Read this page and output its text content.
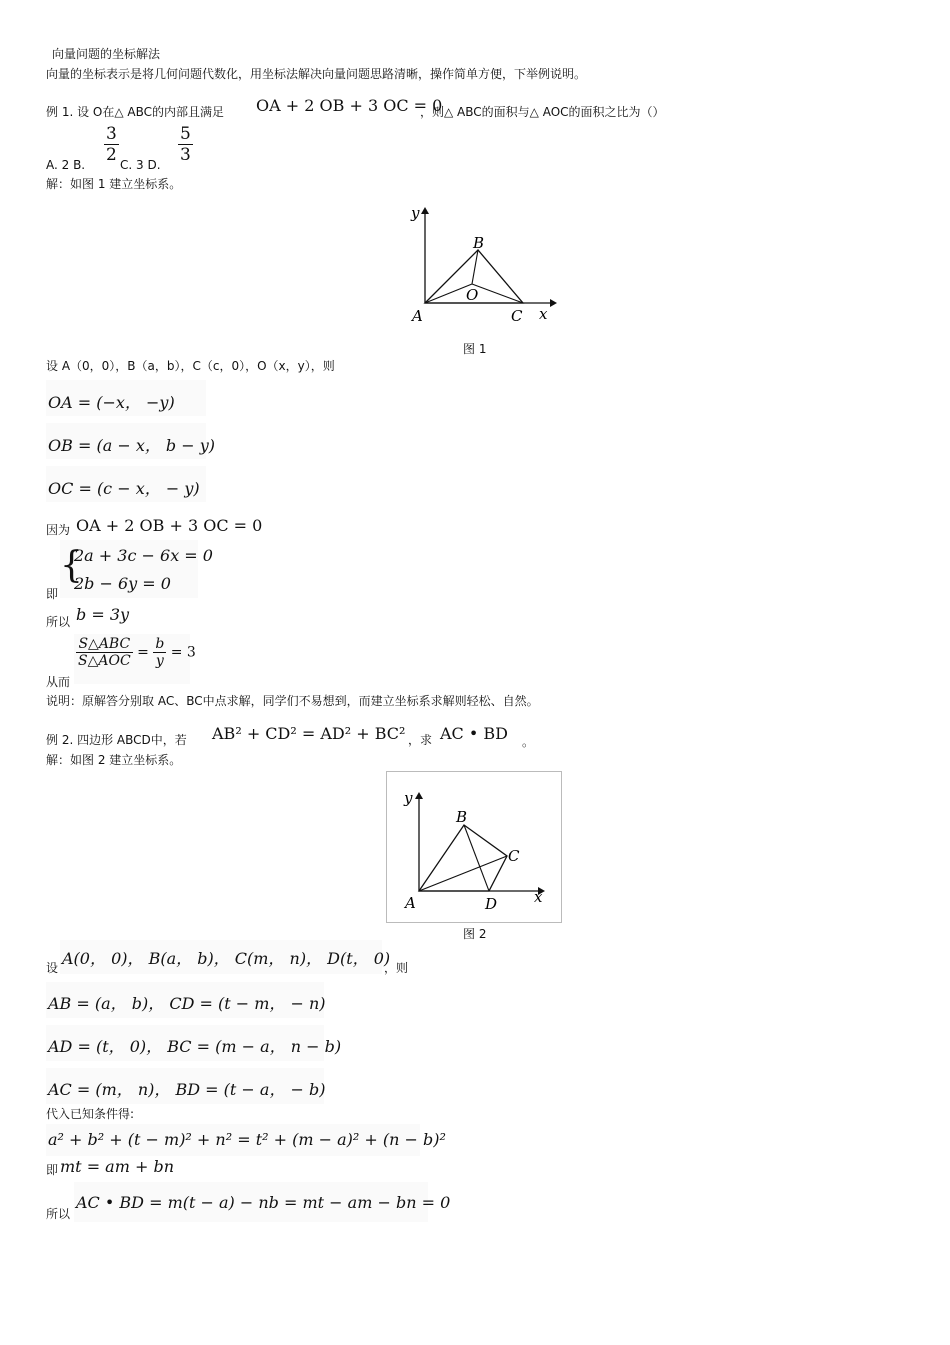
向量问题的坐标解法
向量的坐标表示是将几何问题代数化，用坐标法解决向量问题思路清晰，操作简单方便，下举例说明。
例 1. 设 O在△ ABC的内部且满足 OA + 2 OB + 3 OC = 0
，则△ ABC的面积与△ AOC的面积之比为（）
A. 2 B. $\frac{3}{2} C$. 3 D. $\frac{5}{3}$
解：如图 1 建立坐标系。
y
x
A
B
C
O
图 1
设 A（0，0），B（a，b），C（c，0），O（x，y），则
OA = (−x， −y)
OB = (a − x， b − y)
OC = (c − x， − y)
因为 OA + 2 OB + 3 OC = 0
{
2a + 3c − 6x = 0
2b − 6y = 0
即
所以 b = 3y
$\frac{\text{S△ABC}}{\text{S△AOC}} = \frac{b}{y} = 3$
从而
说明：原解答分别取 AC、BC中点求解，同学们不易想到，而建立坐标系求解则轻松、自然。
例 2. 四边形 ABCD中，若 AB² + CD² = AD² + BC² ，求 AC • BD 。
解：如图 2 建立坐标系。
y
x
A
B
C
D
图 2
设 A(0， 0)， B(a， b)， C(m， n)， D(t， 0)
，则
AB = (a， b)， CD = (t − m， − n)
AD = (t， 0)， BC = (m − a， n − b)
AC = (m， n)， BD = (t − a， − b)
代入已知条件得:
a² + b² + (t − m)² + n² = t² + (m − a)² + (n − b)²
即 mt = am + bn
所以
AC • BD = m(t − a) − nb = mt − am − bn = 0
